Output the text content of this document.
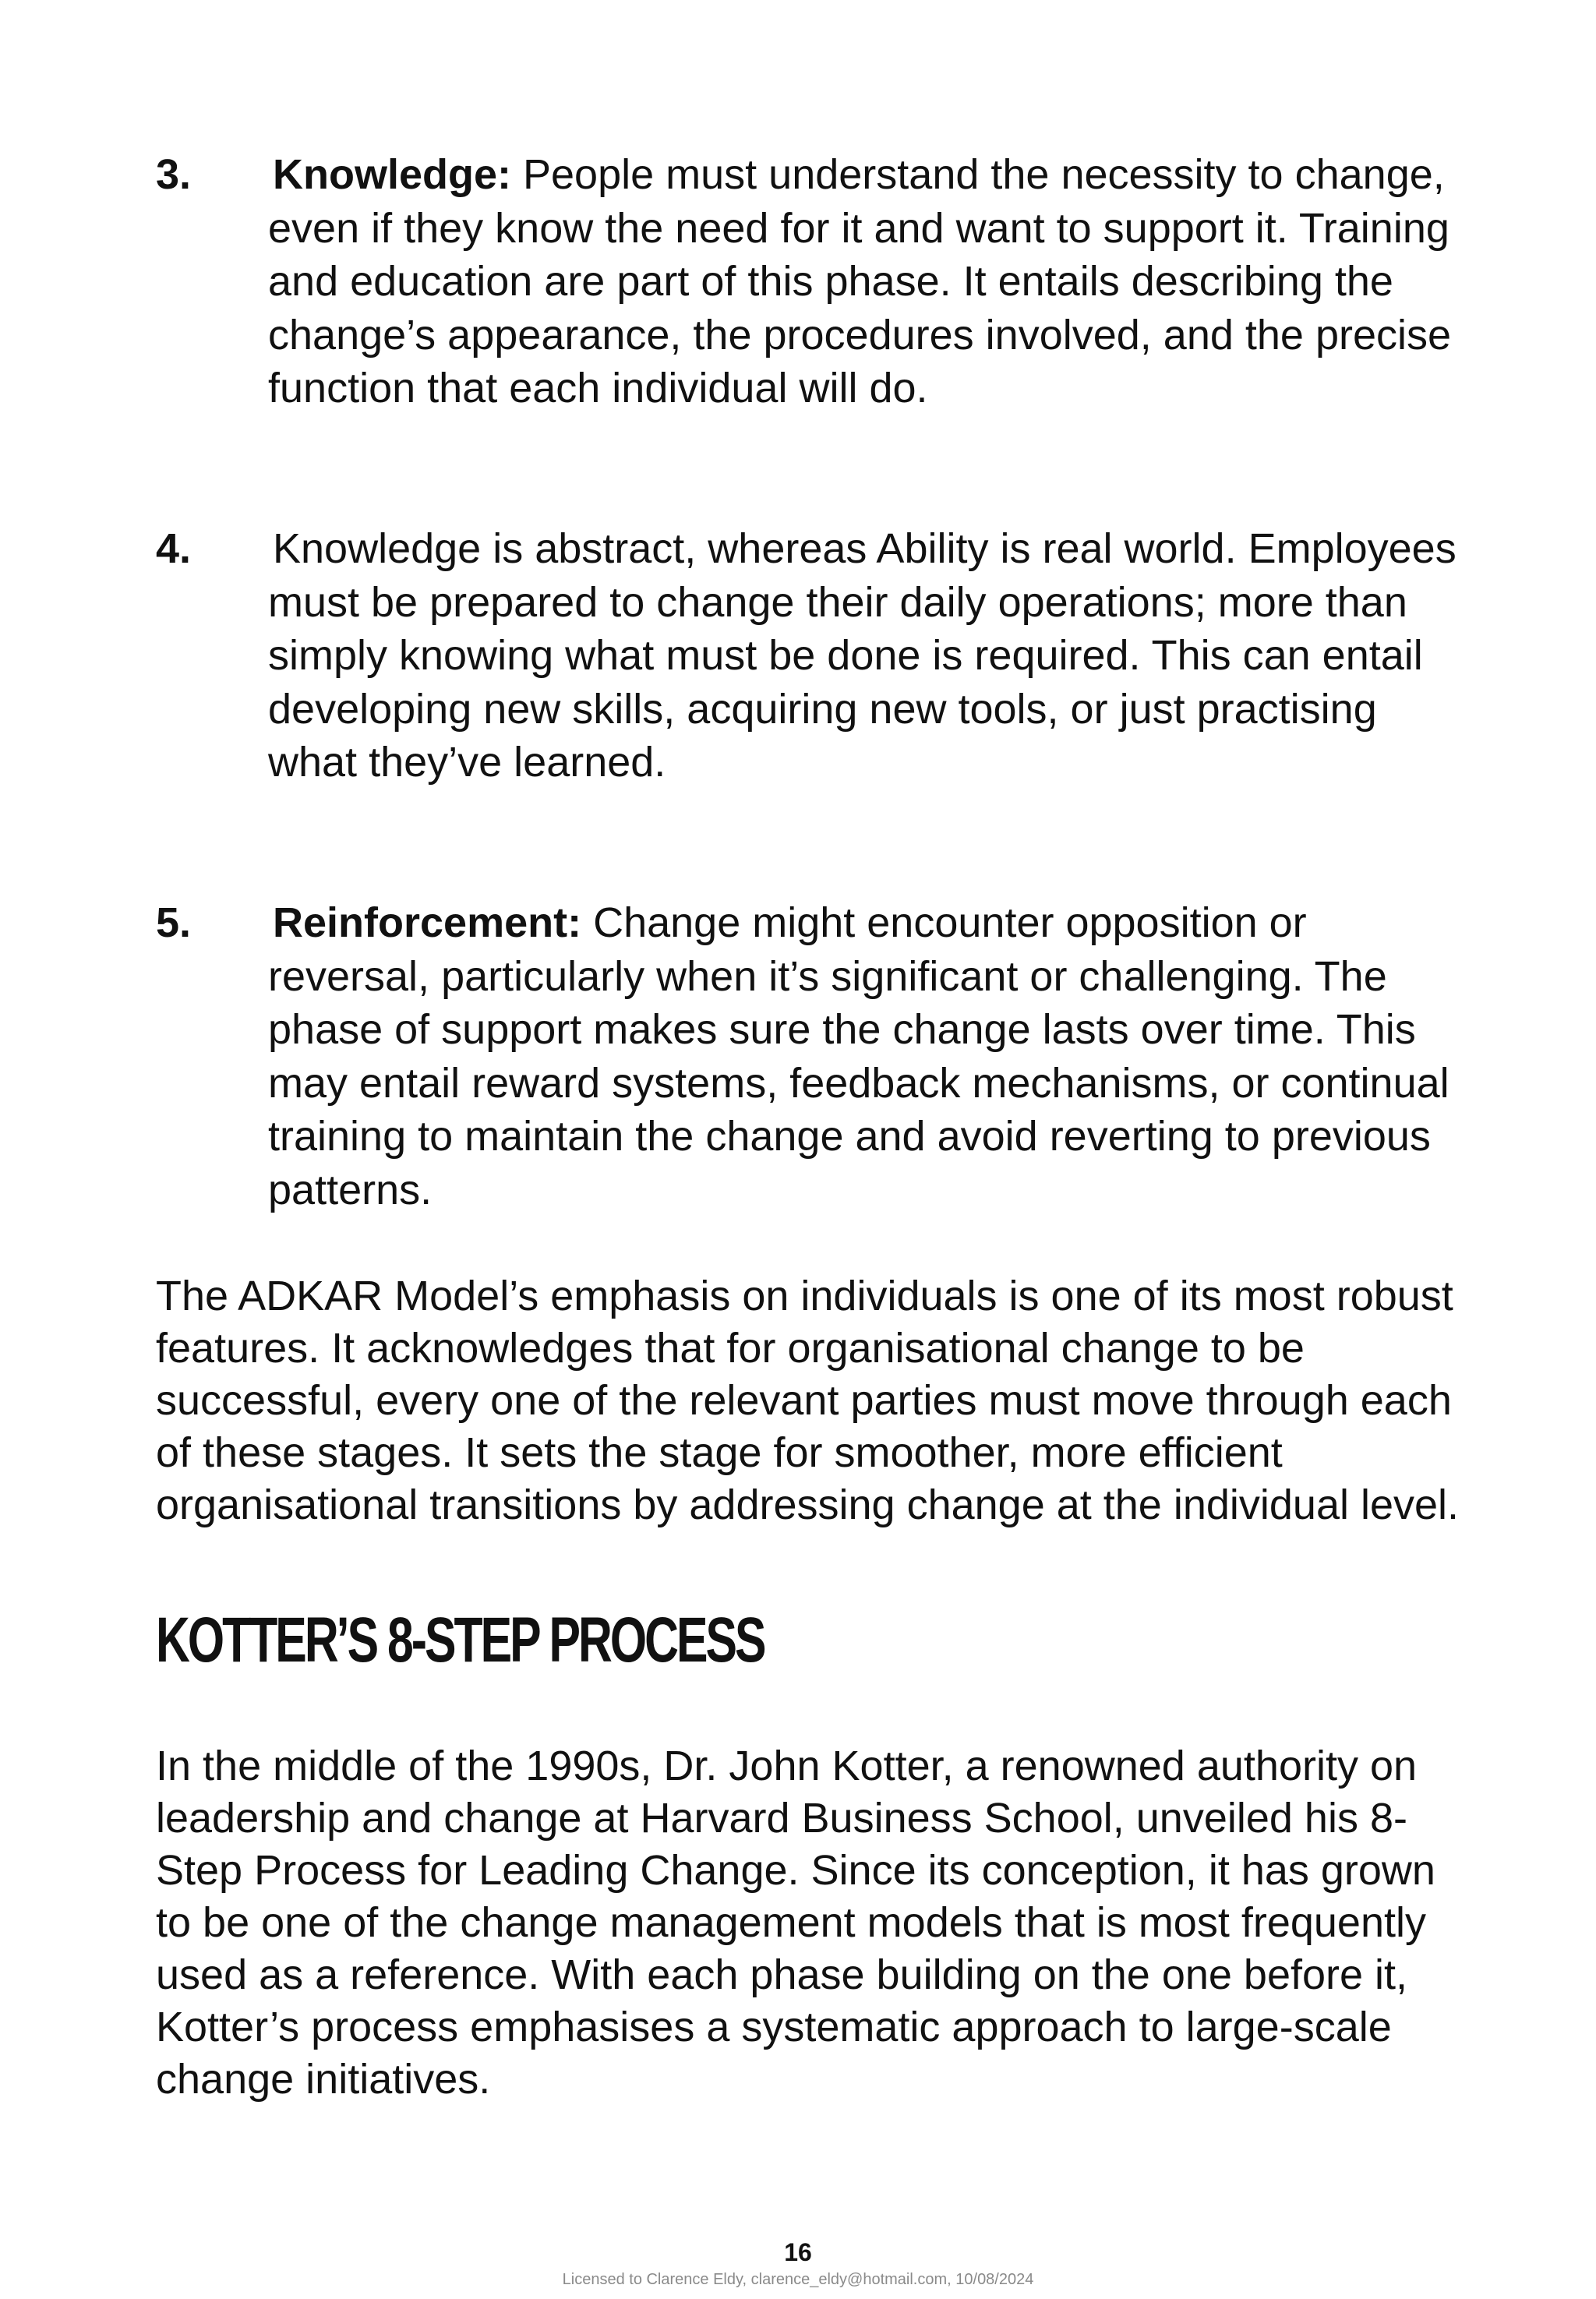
3. Knowledge: People must understand the necessity to change, even if they know the need for it and want to support it. Training and education are part of this phase. It entails describing the change’s appearance, the procedures involved, and the precise function that each individual will do.
4. Knowledge is abstract, whereas Ability is real world. Employees must be prepared to change their daily operations; more than simply knowing what must be done is required. This can entail developing new skills, acquiring new tools, or just practising what they’ve learned.
5. Reinforcement: Change might encounter opposition or reversal, particularly when it’s significant or challenging. The phase of support makes sure the change lasts over time. This may entail reward systems, feedback mechanisms, or continual training to maintain the change and avoid reverting to previous patterns.

The ADKAR Model’s emphasis on individuals is one of its most robust features. It acknowledges that for organisational change to be successful, every one of the relevant parties must move through each of these stages. It sets the stage for smoother, more efficient organisational transitions by addressing change at the individual level.

KOTTER’S 8-STEP PROCESS

In the middle of the 1990s, Dr. John Kotter, a renowned authority on leadership and change at Harvard Business School, unveiled his 8-Step Process for Leading Change. Since its conception, it has grown to be one of the change management models that is most frequently used as a reference. With each phase building on the one before it, Kotter’s process emphasises a systematic approach to large-scale change initiatives.

16
Licensed to Clarence Eldy, clarence_eldy@hotmail.com, 10/08/2024
